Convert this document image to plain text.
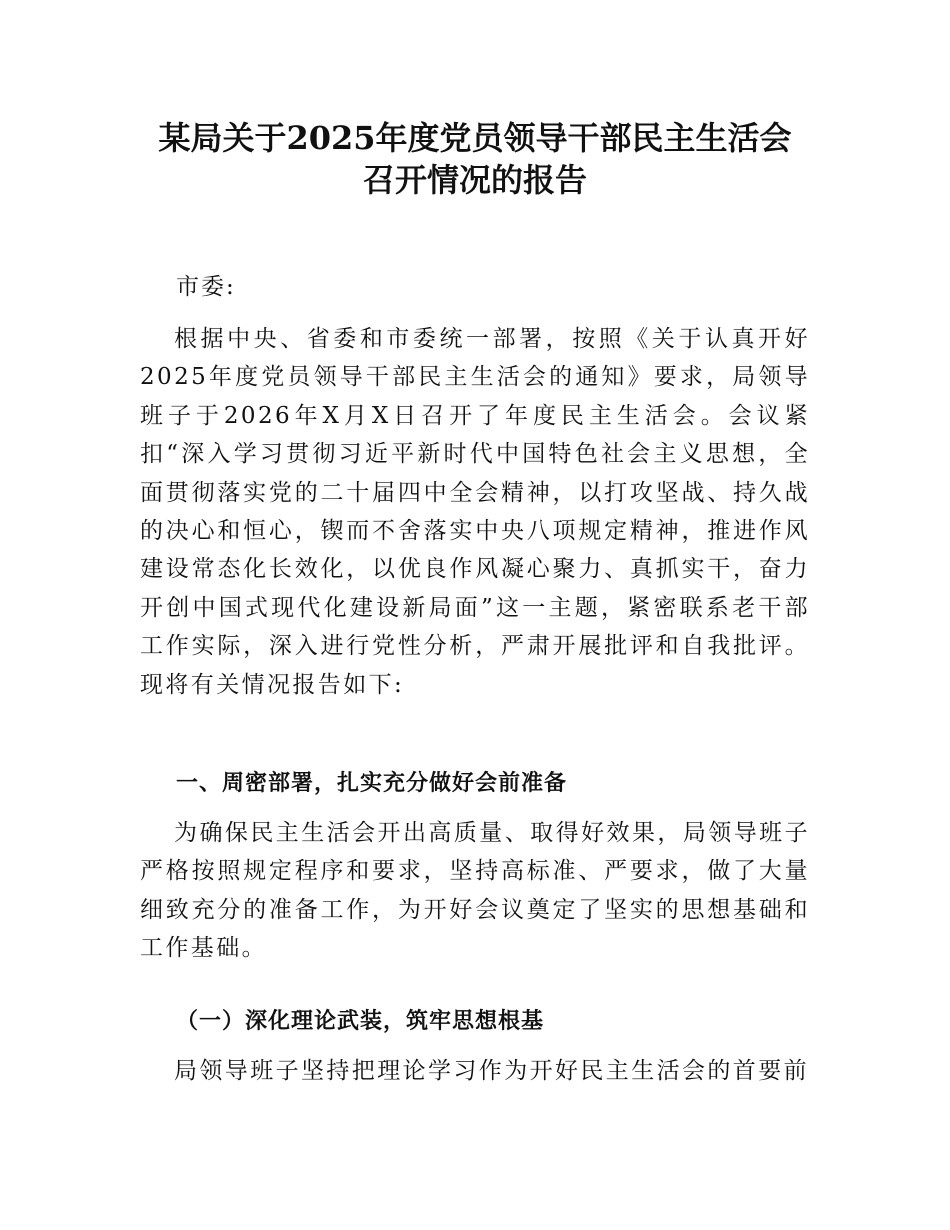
某局关于2025年度党员领导干部民主生活会
召开情况的报告

市委:

根据中央、省委和市委统一部署，按照《关于认真开好2025年度党员领导干部民主生活会的通知》要求，局领导班子于2026年X月X日召开了年度民主生活会。会议紧扣“深入学习贯彻习近平新时代中国特色社会主义思想，全面贯彻落实党的二十届四中全会精神，以打攻坚战、持久战的决心和恒心，锲而不舍落实中央八项规定精神，推进作风建设常态化长效化，以优良作风凝心聚力、真抓实干，奋力开创中国式现代化建设新局面”这一主题，紧密联系老干部工作实际，深入进行党性分析，严肃开展批评和自我批评。现将有关情况报告如下:

一、周密部署，扎实充分做好会前准备

为确保民主生活会开出高质量、取得好效果，局领导班子严格按照规定程序和要求，坚持高标准、严要求，做了大量细致充分的准备工作，为开好会议奠定了坚实的思想基础和工作基础。

（一）深化理论武装，筑牢思想根基

局领导班子坚持把理论学习作为开好民主生活会的首要前
